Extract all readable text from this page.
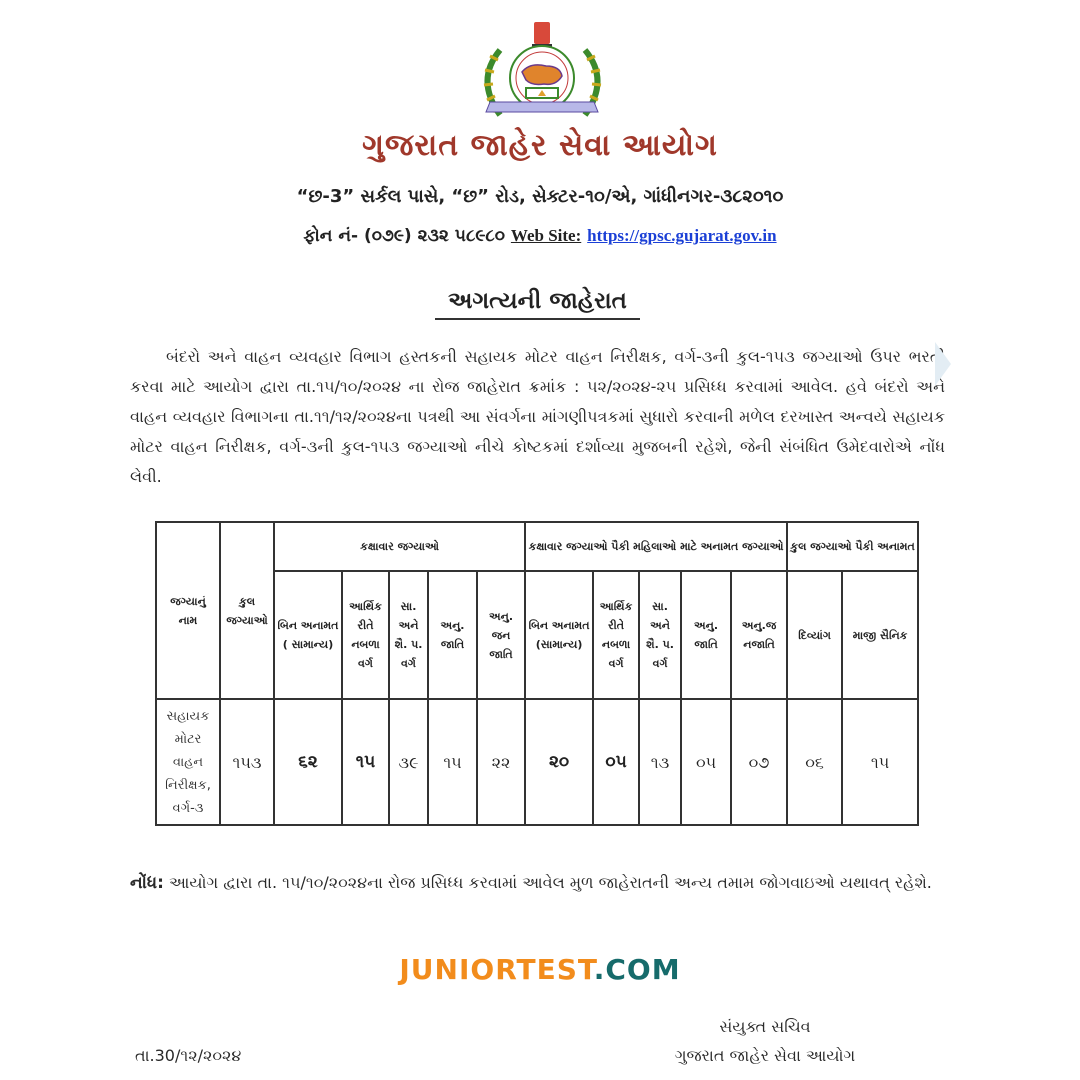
ગુજરાત જાહેર સેવા આયોગ
“છ-3” સર્કલ પાસે, “છ” રોડ, સેક્ટર-૧૦/એ, ગાંધીનગર-૩૮૨૦૧૦
ફોન નં- (૦૭૯) ૨૩૨ ૫૮૯૮૦ Web Site: https://gpsc.gujarat.gov.in
અગત્યની જાહેરાત

બંદરો અને વાહન વ્યવહાર વિભાગ હસ્તકની સહાયક મોટર વાહન નિરીક્ષક, વર્ગ-૩ની કુલ-૧૫૩ જગ્યાઓ ઉપર ભરતી કરવા માટે આયોગ દ્વારા તા.૧૫/૧૦/૨૦૨૪ ના રોજ જાહેરાત ક્રમાંક : ૫૨/૨૦૨૪-૨૫ પ્રસિધ્ધ કરવામાં આવેલ. હવે બંદરો અને વાહન વ્યવહાર વિભાગના તા.૧૧/૧૨/૨૦૨૪ના પત્રથી આ સંવર્ગના માંગણીપત્રકમાં સુધારો કરવાની મળેલ દરખાસ્ત અન્વયે સહાયક મોટર વાહન નિરીક્ષક, વર્ગ-૩ની કુલ-૧૫૩ જગ્યાઓ નીચે કોષ્ટકમાં દર્શાવ્યા મુજબની રહેશે, જેની સંબંધિત ઉમેદવારોએ નોંધ લેવી.

જગ્યાનું નામ	કુલ જગ્યાઓ	કક્ષાવાર જગ્યાઓ					કક્ષાવાર જગ્યાઓ પૈકી મહિલાઓ માટે અનામત જગ્યાઓ					કુલ જગ્યાઓ પૈકી અનામત	
		બિન અનામત ( સામાન્ય)	આર્થિક રીતે નબળા વર્ગ	સા. અને શૈ. પ. વર્ગ	અનુ. જાતિ	અનુ. જન જાતિ	બિન અનામત (સામાન્ય)	આર્થિક રીતે નબળા વર્ગ	સા. અને શૈ. પ. વર્ગ	અનુ. જાતિ	અનુ.જ નજાતિ	દિવ્યાંગ	માજી સૈનિક
સહાયક મોટર વાહન નિરીક્ષક, વર્ગ-૩	૧૫૩	૬૨	૧૫	૩૯	૧૫	૨૨	૨૦	૦૫	૧૩	૦૫	૦૭	૦૬	૧૫
નોંધ: આયોગ દ્વારા તા. ૧૫/૧૦/૨૦૨૪ના રોજ પ્રસિધ્ધ કરવામાં આવેલ મુળ જાહેરાતની અન્ય તમામ જોગવાઇઓ યથાવત્ રહેશે.
JUNIORTEST.COM
સંયુક્ત સચિવ
ગુજરાત જાહેર સેવા આયોગ
તા.30/૧૨/૨૦૨૪
